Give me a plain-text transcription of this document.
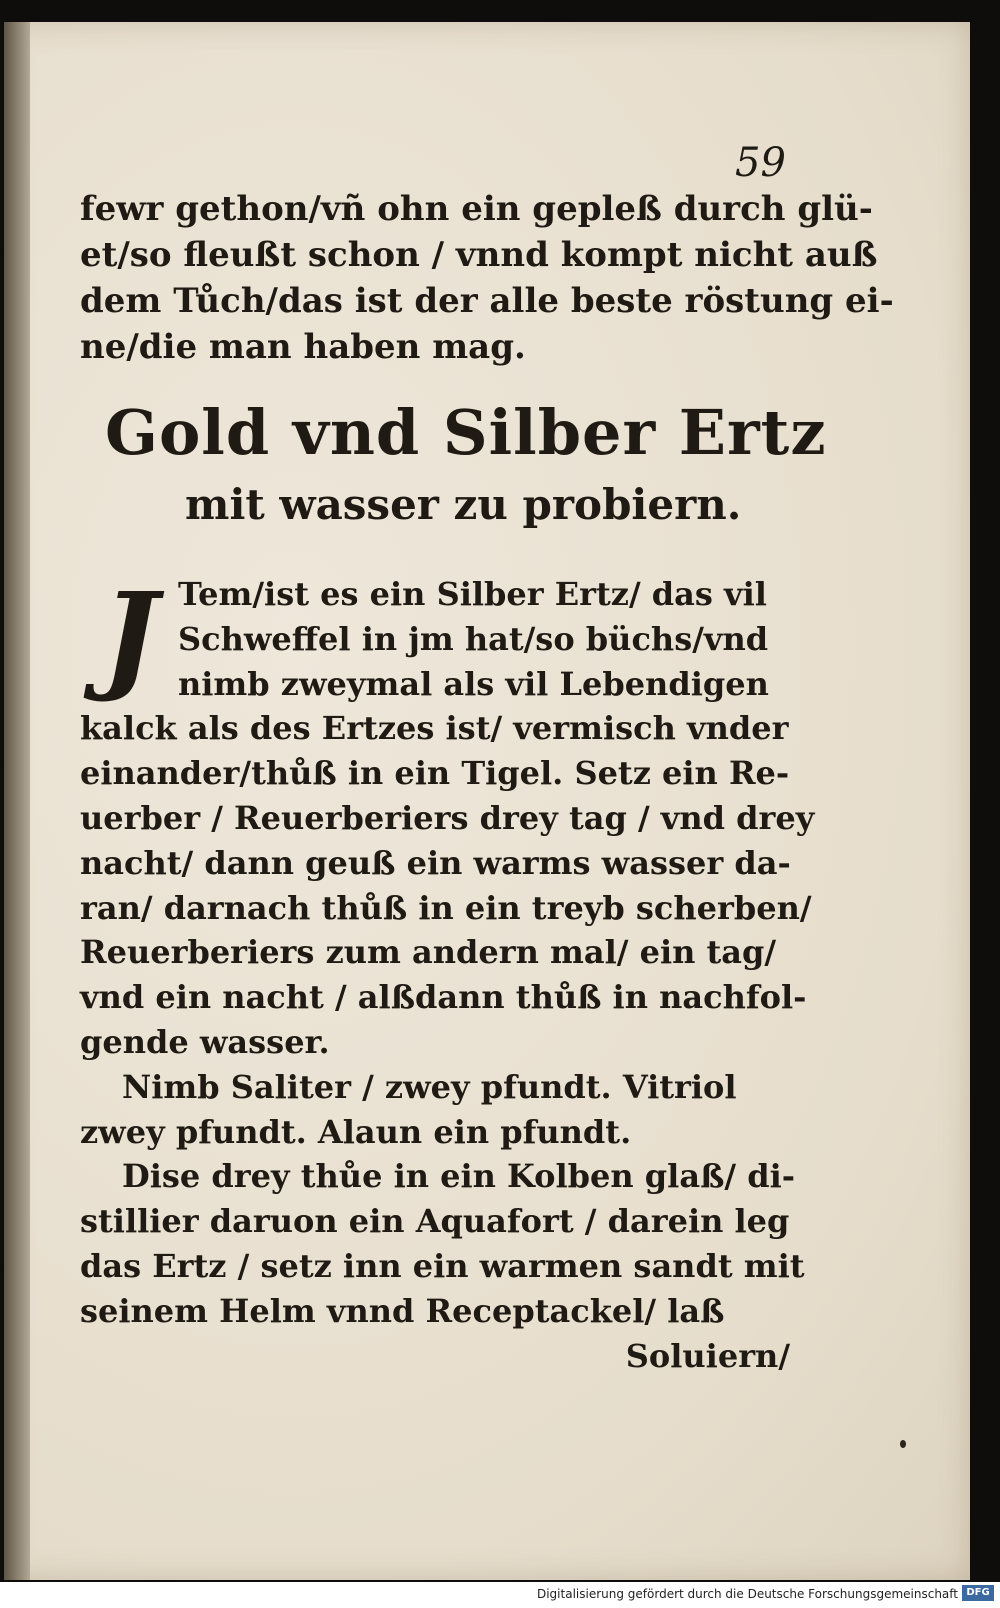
59
fewr gethon/vñ ohn ein gepleß durch glü-
et/so fleußt schon / vnnd kompt nicht auß
dem Tůch/das ist der alle beste röstung ei-
ne/die man haben mag.
Gold vnd Silber Ertz
mit wasser zu probiern.
J Tem/ist es ein Silber Ertz/ das vil
Schweffel in jm hat/so büchs/vnd
nimb zweymal als vil Lebendigen
kalck als des Ertzes ist/ vermisch vnder
einander/thůß in ein Tigel. Setz ein Re-
uerber / Reuerberiers drey tag / vnd drey
nacht/ dann geuß ein warms wasser da-
ran/ darnach thůß in ein treyb scherben/
Reuerberiers zum andern mal/ ein tag/
vnd ein nacht / alßdann thůß in nachfol-
gende wasser.
Nimb Saliter / zwey pfundt. Vitriol
zwey pfundt. Alaun ein pfundt.
Dise drey thůe in ein Kolben glaß/ di-
stillier daruon ein Aquafort / darein leg
das Ertz / setz inn ein warmen sandt mit
seinem Helm vnnd Receptackel/ laß
Soluiern/
Digitalisierung gefördert durch die Deutsche Forschungsgemeinschaft DFG
